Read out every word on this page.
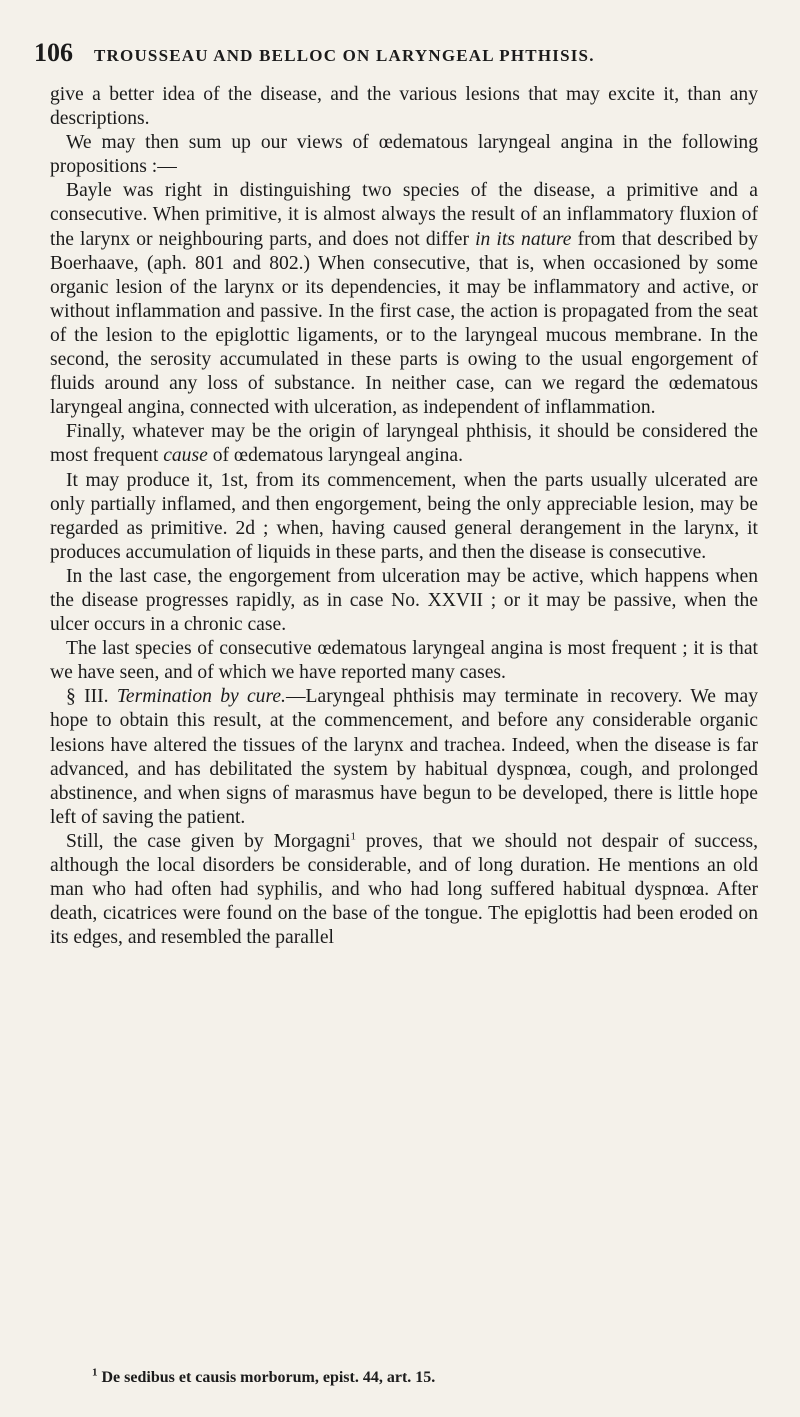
106	TROUSSEAU AND BELLOC ON LARYNGEAL PHTHISIS.

give a better idea of the disease, and the various lesions that may excite it, than any descriptions.

We may then sum up our views of œdematous laryngeal angina in the following propositions :—

Bayle was right in distinguishing two species of the disease, a primitive and a consecutive. When primitive, it is almost always the result of an inflammatory fluxion of the larynx or neighbouring parts, and does not differ in its nature from that described by Boerhaave, (aph. 801 and 802.) When consecutive, that is, when occasioned by some organic lesion of the larynx or its dependencies, it may be inflammatory and active, or without inflammation and passive. In the first case, the action is propagated from the seat of the lesion to the epiglottic ligaments, or to the laryngeal mucous membrane. In the second, the serosity accumulated in these parts is owing to the usual engorgement of fluids around any loss of substance. In neither case, can we regard the œdematous laryngeal angina, connected with ulceration, as independent of inflammation.

Finally, whatever may be the origin of laryngeal phthisis, it should be considered the most frequent cause of œdematous laryngeal angina.

It may produce it, 1st, from its commencement, when the parts usually ulcerated are only partially inflamed, and then engorgement, being the only appreciable lesion, may be regarded as primitive. 2d ; when, having caused general derangement in the larynx, it produces accumulation of liquids in these parts, and then the disease is consecutive.

In the last case, the engorgement from ulceration may be active, which happens when the disease progresses rapidly, as in case No. XXVII ; or it may be passive, when the ulcer occurs in a chronic case.

The last species of consecutive œdematous laryngeal angina is most frequent ; it is that we have seen, and of which we have reported many cases.

§ III. Termination by cure.—Laryngeal phthisis may terminate in recovery. We may hope to obtain this result, at the commencement, and before any considerable organic lesions have altered the tissues of the larynx and trachea. Indeed, when the disease is far advanced, and has debilitated the system by habitual dyspnœa, cough, and prolonged abstinence, and when signs of marasmus have begun to be developed, there is little hope left of saving the patient.

Still, the case given by Morgagni$^1$ proves, that we should not despair of success, although the local disorders be considerable, and of long duration. He mentions an old man who had often had syphilis, and who had long suffered habitual dyspnœa. After death, cicatrices were found on the base of the tongue. The epiglottis had been eroded on its edges, and resembled the parallel

$^1$ De sedibus et causis morborum, epist. 44, art. 15.
